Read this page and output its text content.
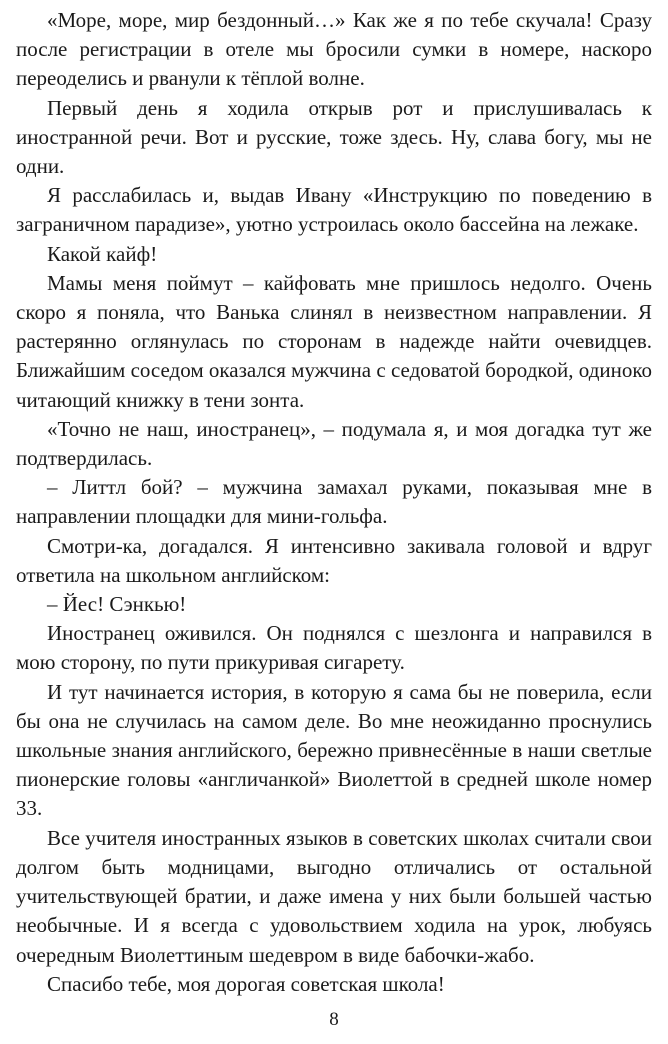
«Море, море, мир бездонный…» Как же я по тебе скучала! Сразу после регистрации в отеле мы бросили сумки в номере, наскоро переоделись и рванули к тёплой волне.

Первый день я ходила открыв рот и прислушивалась к иностранной речи. Вот и русские, тоже здесь. Ну, слава богу, мы не одни.

Я расслабилась и, выдав Ивану «Инструкцию по поведению в заграничном парадизе», уютно устроилась около бассейна на лежаке.

Какой кайф!

Мамы меня поймут – кайфовать мне пришлось недолго. Очень скоро я поняла, что Ванька слинял в неизвестном направлении. Я растерянно оглянулась по сторонам в надежде найти очевидцев. Ближайшим соседом оказался мужчина с седоватой бородкой, одиноко читающий книжку в тени зонта.

«Точно не наш, иностранец», – подумала я, и моя догадка тут же подтвердилась.

– Литтл бой? – мужчина замахал руками, показывая мне в направлении площадки для мини-гольфа.

Смотри-ка, догадался. Я интенсивно закивала головой и вдруг ответила на школьном английском:

– Йес! Сэнкью!

Иностранец оживился. Он поднялся с шезлонга и направился в мою сторону, по пути прикуривая сигарету.

И тут начинается история, в которую я сама бы не поверила, если бы она не случилась на самом деле. Во мне неожиданно проснулись школьные знания английского, бережно привнесённые в наши светлые пионерские головы «англичанкой» Виолеттой в средней школе номер 33.

Все учителя иностранных языков в советских школах считали свои долгом быть модницами, выгодно отличались от остальной учительствующей братии, и даже имена у них были большей частью необычные. И я всегда с удовольствием ходила на урок, любуясь очередным Виолеттиным шедевром в виде бабочки-жабо.

Спасибо тебе, моя дорогая советская школа!

8
